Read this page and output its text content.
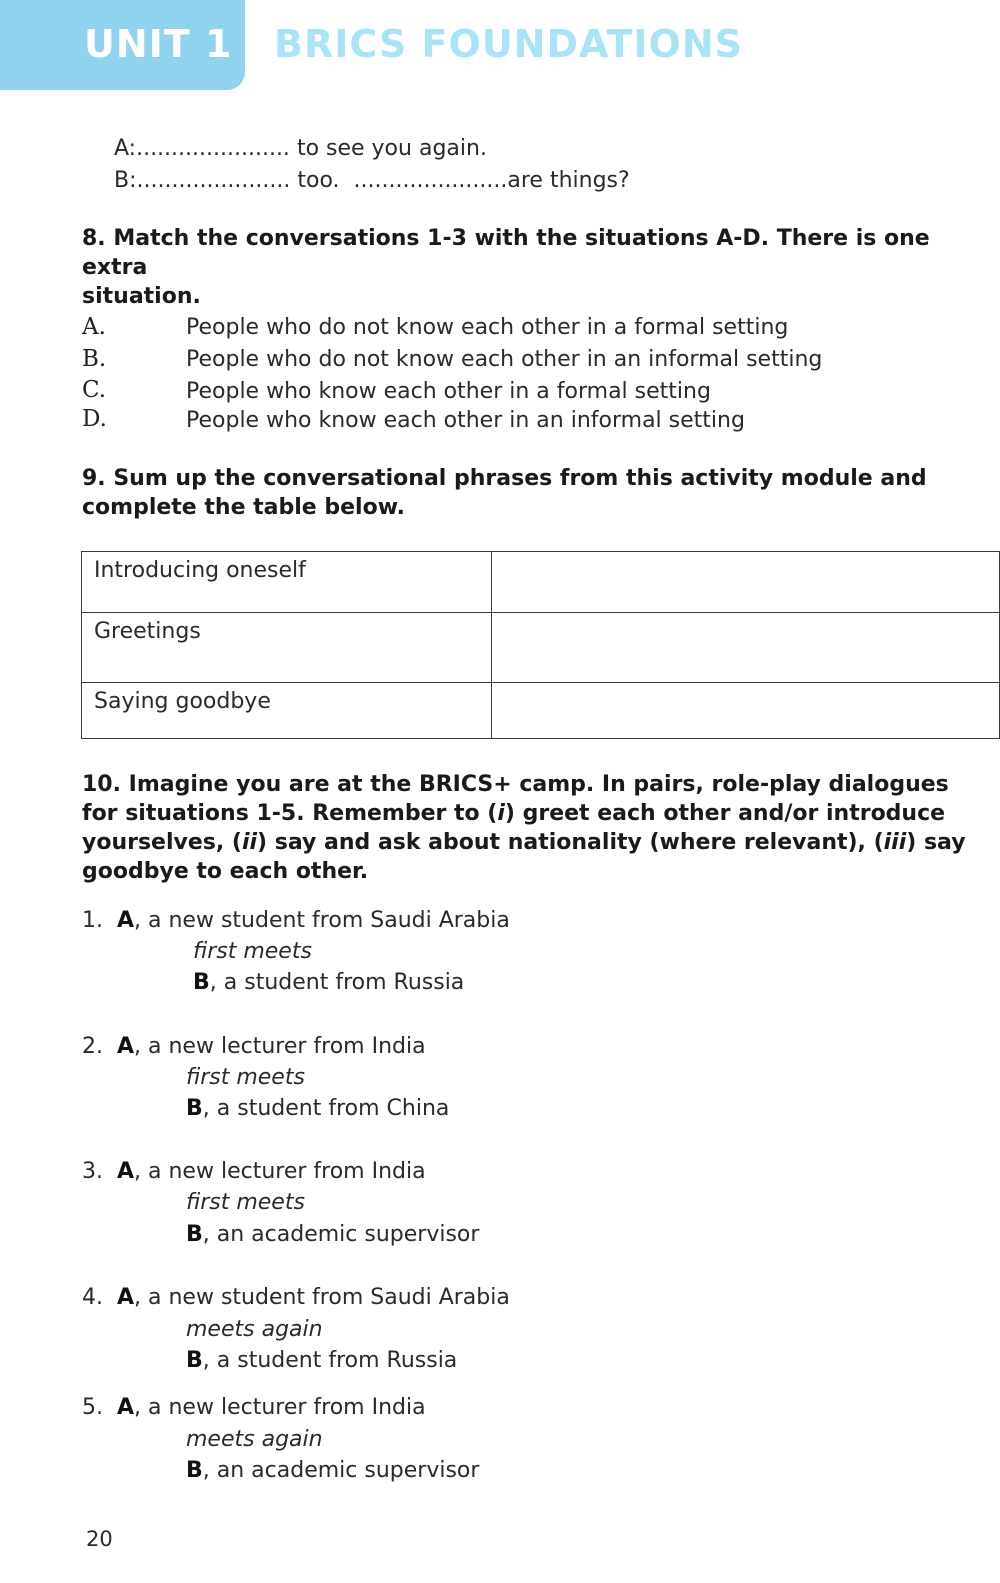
UNIT 1 BRICS FOUNDATIONS
A:...................... to see you again.
B:...................... too. ......................are things?
8. Match the conversations 1-3 with the situations A-D. There is one extra
situation.
A.	People who do not know each other in a formal setting
B.	People who do not know each other in an informal setting
C.	People who know each other in a formal setting
D.	People who know each other in an informal setting
9. Sum up the conversational phrases from this activity module and
complete the table below.
Introducing oneself	
Greetings	
Saying goodbye	
10. Imagine you are at the BRICS+ camp. In pairs, role-play dialogues
for situations 1-5. Remember to (i) greet each other and/or introduce
yourselves, (ii) say and ask about nationality (where relevant), (iii) say
goodbye to each other.
1. A, a new student from Saudi Arabia
first meets
B, a student from Russia
2. A, a new lecturer from India
first meets
B, a student from China
3. A, a new lecturer from India
first meets
B, an academic supervisor
4. A, a new student from Saudi Arabia
meets again
B, a student from Russia
5. A, a new lecturer from India
meets again
B, an academic supervisor
20
